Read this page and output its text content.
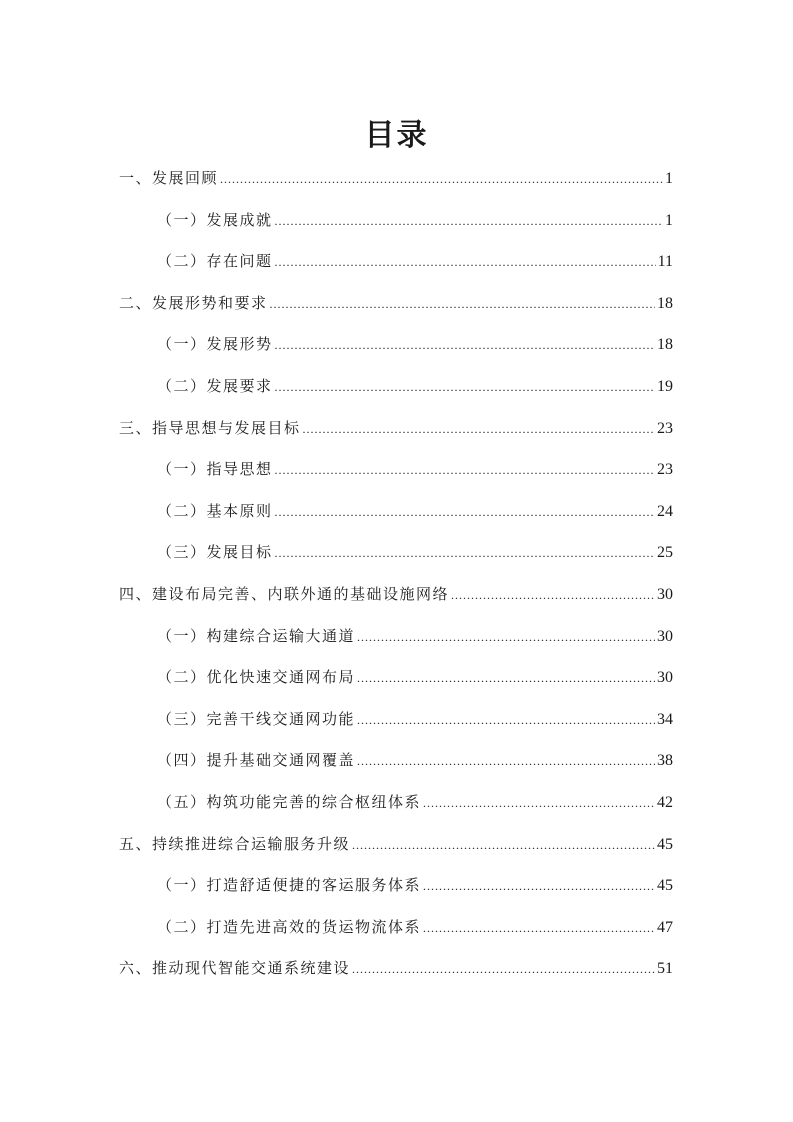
目录
一、发展回顾 .....	1
（一）发展成就 .....	1
（二）存在问题 .....	11
二、发展形势和要求 .....	18
（一）发展形势 .....	18
（二）发展要求 .....	19
三、指导思想与发展目标 .....	23
（一）指导思想 .....	23
（二）基本原则 .....	24
（三）发展目标 .....	25
四、建设布局完善、内联外通的基础设施网络 .....	30
（一）构建综合运输大通道 .....	30
（二）优化快速交通网布局 .....	30
（三）完善干线交通网功能 .....	34
（四）提升基础交通网覆盖 .....	38
（五）构筑功能完善的综合枢纽体系 .....	42
五、持续推进综合运输服务升级 .....	45
（一）打造舒适便捷的客运服务体系 .....	45
（二）打造先进高效的货运物流体系 .....	47
六、推动现代智能交通系统建设 .....	51
